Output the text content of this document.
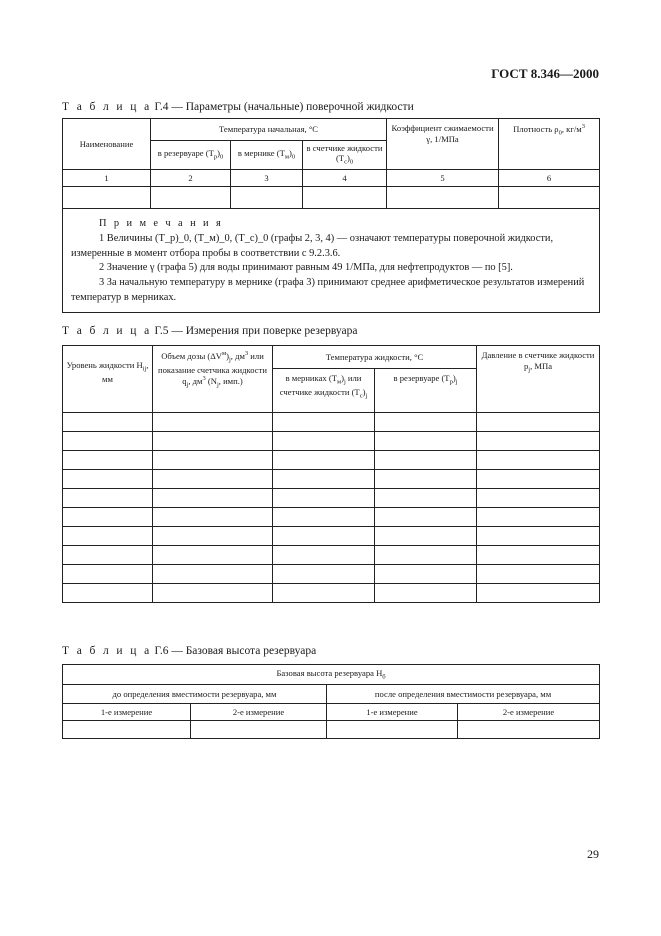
ГОСТ 8.346—2000
Т а б л и ц а Г.4 — Параметры (начальные) поверочной жидкости
Наименование	Температура начальная, °С			Коэффициент сжимаемости γ, 1/МПа	Плотность $\rho_0$, $кг/м^3$
	в резервуаре $(T_р)_0$	в мернике $(T_м)_0$	в счетчике жидкости $(T_с)_0$
1	2	3	4	5	6

П р и м е ч а н и я

1 Величины (T_р)_0, (T_м)_0, (T_с)_0 (графы 2, 3, 4) — означают температуры поверочной жидкости, измеренные в момент отбора пробы в соответствии с 9.2.3.6.

2 Значение γ (графа 5) для воды принимают равным 49 1/МПа, для нефтепродуктов — по [5].

3 За начальную температуру в мернике (графа 3) принимают среднее арифметическое результатов измерений температур в мерниках.					

Т а б л и ц а Г.5 — Измерения при поверке резервуара
Уровень жидкости $H_{ij}$, мм	Объем дозы $(\Delta V^м)_j$, $дм^3$ или показание счетчика жидкости $q_j$, $дм^3$ ($N_j$, имп.)	Температура жидкости, °С		Давление в счетчике жидкости $p_j$, МПа
		в мерниках $(T_м)_j$ или счетчике жидкости $(T_с)_j$	в резервуаре $(T_р)_j$

Т а б л и ц а Г.6 — Базовая высота резервуара
Базовая высота резервуара $H_б$
до определения вместимости резервуара, мм		после определения вместимости резервуара, мм	
1-е измерение	2-е измерение	1-е измерение	2-е измерение

29
